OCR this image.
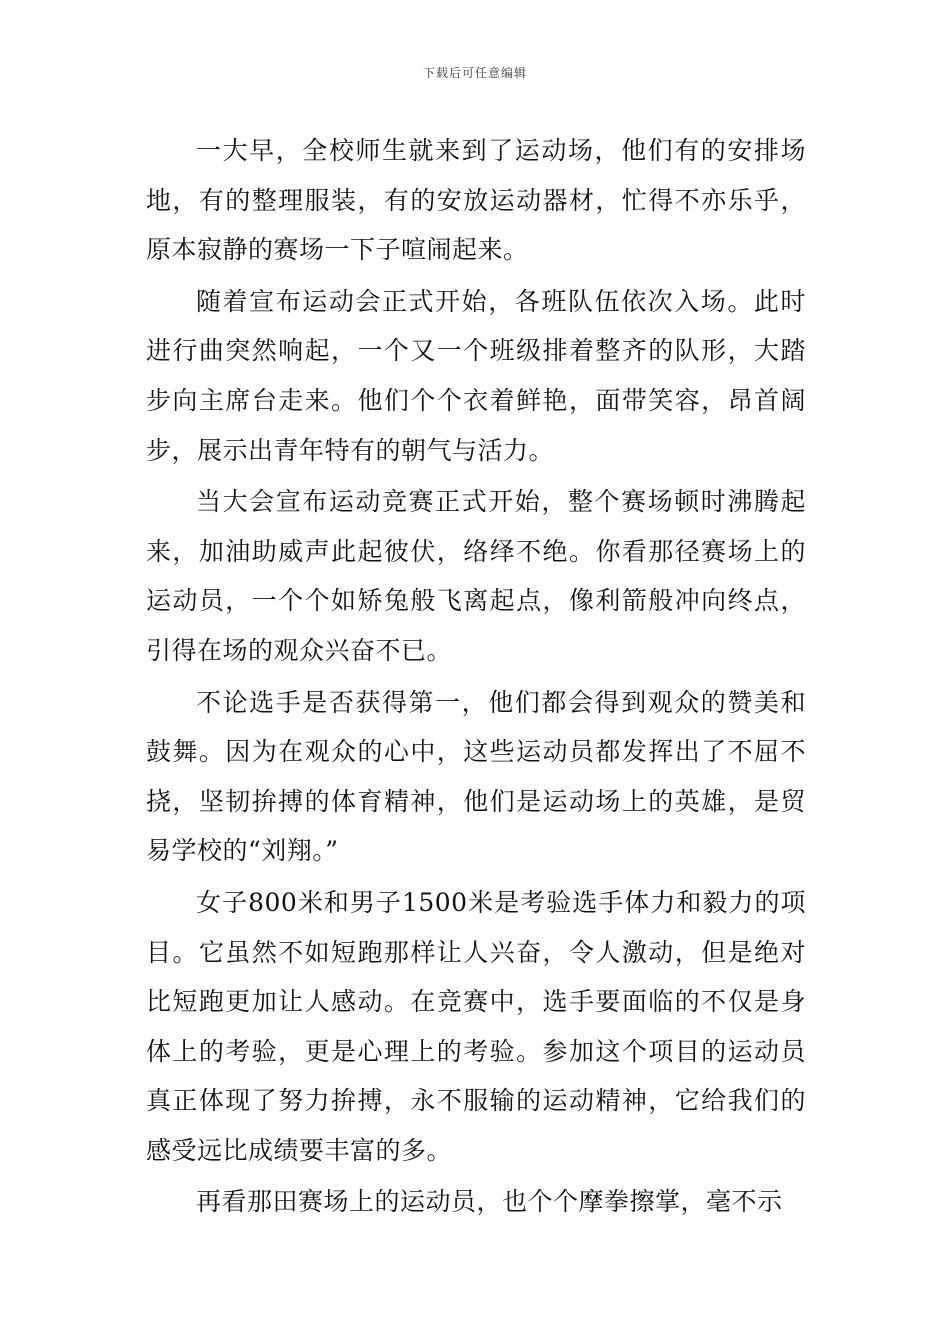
下载后可任意编辑

一大早，全校师生就来到了运动场，他们有的安排场地，有的整理服装，有的安放运动器材，忙得不亦乐乎，原本寂静的赛场一下子喧闹起来。

随着宣布运动会正式开始，各班队伍依次入场。此时进行曲突然响起，一个又一个班级排着整齐的队形，大踏步向主席台走来。他们个个衣着鲜艳，面带笑容，昂首阔步，展示出青年特有的朝气与活力。

当大会宣布运动竞赛正式开始，整个赛场顿时沸腾起来，加油助威声此起彼伏，络绎不绝。你看那径赛场上的运动员，一个个如矫兔般飞离起点，像利箭般冲向终点，引得在场的观众兴奋不已。

不论选手是否获得第一，他们都会得到观众的赞美和鼓舞。因为在观众的心中，这些运动员都发挥出了不屈不挠，坚韧拚搏的体育精神，他们是运动场上的英雄，是贸易学校的“刘翔。”

女子800米和男子1500米是考验选手体力和毅力的项目。它虽然不如短跑那样让人兴奋，令人激动，但是绝对比短跑更加让人感动。在竞赛中，选手要面临的不仅是身体上的考验，更是心理上的考验。参加这个项目的运动员真正体现了努力拚搏，永不服输的运动精神，它给我们的感受远比成绩要丰富的多。

再看那田赛场上的运动员，也个个摩拳擦掌，毫不示
